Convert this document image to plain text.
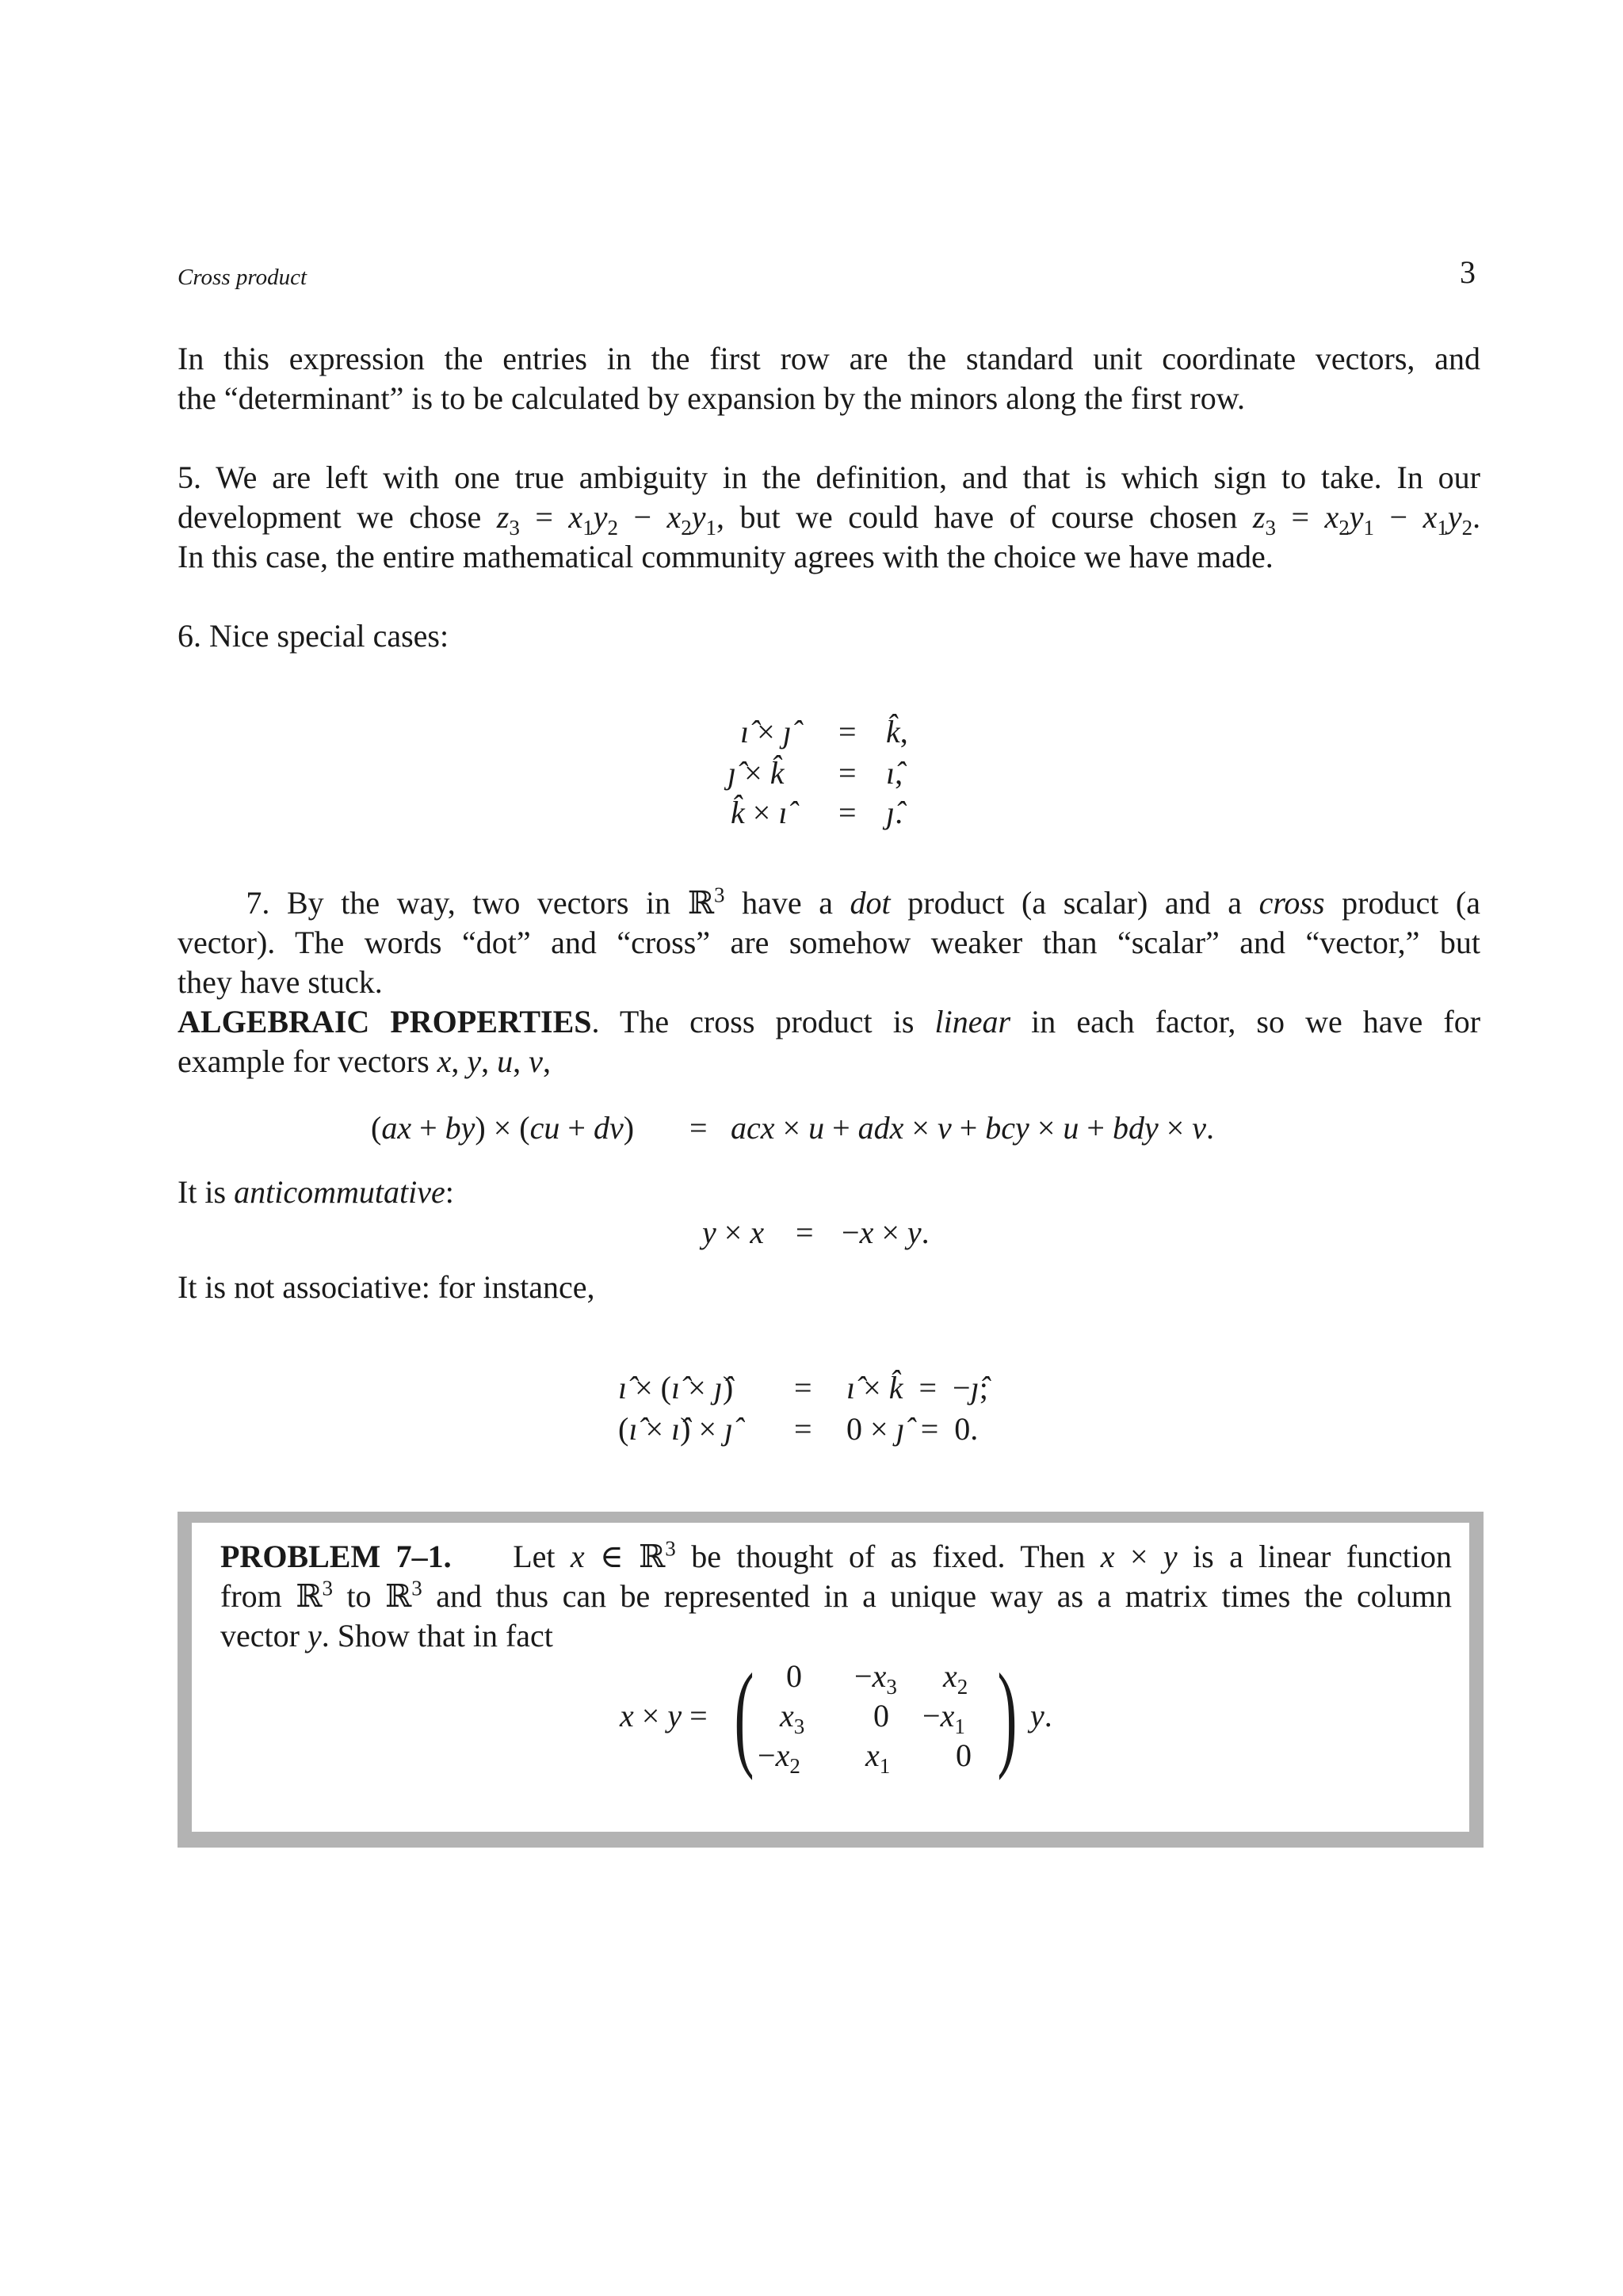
Cross product	3
In this expression the entries in the first row are the standard unit coordinate vectors, and
the “determinant” is to be calculated by expansion by the minors along the first row.
5. We are left with one true ambiguity in the definition, and that is which sign to take. In our
development we chose $z_3 = x_1y_2 - x_2y_1$, but we could have of course chosen $z_3 = x_2y_1 - x_1y_2$.
In this case, the entire mathematical community agrees with the choice we have made.
6. Nice special cases:
ı̂ × ȷ̂ = k̂,
ȷ̂ × k̂ = ı̂,
k̂ × ı̂ = ȷ̂.
7. By the way, two vectors in ℝ$^3$ have a dot product (a scalar) and a cross product (a
vector). The words “dot” and “cross” are somehow weaker than “scalar” and “vector,” but
they have stuck.
ALGEBRAIC PROPERTIES. The cross product is linear in each factor, so we have for
example for vectors x, y, u, v,
(ax + by) × (cu + dv) = acx × u + adx × v + bcy × u + bdy × v.
It is anticommutative:
y × x = −x × y.
It is not associative: for instance,
ı̂ × (ı̂ × ȷ̂) = ı̂ × k̂  =  −ȷ̂;
(ı̂ × ı̂) × ȷ̂ = 0 × ȷ̂  =  0.
PROBLEM 7–1. Let x ∈ ℝ$^3$ be thought of as fixed. Then x × y is a linear function
from ℝ$^3$ to ℝ$^3$ and thus can be represented in a unique way as a matrix times the column
vector y. Show that in fact
x × y = ( $0 -x_3$ $x_2$
$x_3$ $0 -x_1$
$-x_2$ $x_1$ 0 ) y.
